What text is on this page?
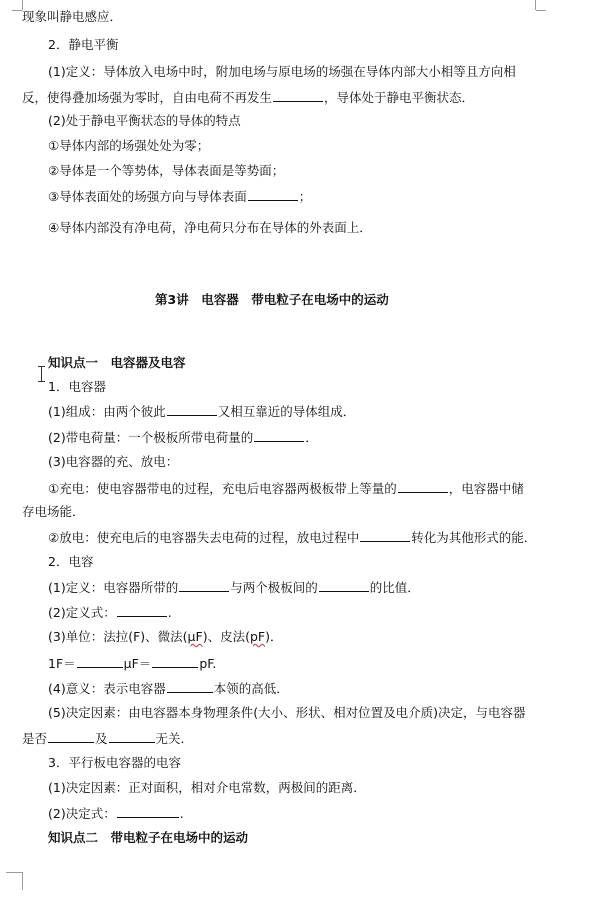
现象叫静电感应．
2．静电平衡
(1)定义：导体放入电场中时，附加电场与原电场的场强在导体内部大小相等且方向相
反，使得叠加场强为零时，自由电荷不再发生	，导体处于静电平衡状态．
(2)处于静电平衡状态的导体的特点
①导体内部的场强处处为零；
②导体是一个等势体，导体表面是等势面；
③导体表面处的场强方向与导体表面	；
④导体内部没有净电荷，净电荷只分布在导体的外表面上．
第3讲　电容器　带电粒子在电场中的运动
知识点一　电容器及电容
1．电容器
(1)组成：由两个彼此	又相互靠近的导体组成．
(2)带电荷量：一个极板所带电荷量的	．
(3)电容器的充、放电：
①充电：使电容器带电的过程，充电后电容器两极板带上等量的	，电容器中储
存电场能．
②放电：使充电后的电容器失去电荷的过程，放电过程中	转化为其他形式的能．
2．电容
(1)定义：电容器所带的	与两个极板间的	的比值．
(2)定义式：	.
(3)单位：法拉(F)、微法(μF)、皮法(pF)．
1F＝	μF＝	pF.
(4)意义：表示电容器	本领的高低．
(5)决定因素：由电容器本身物理条件(大小、形状、相对位置及电介质)决定，与电容器
是否	及	无关．
3．平行板电容器的电容
(1)决定因素：正对面积，相对介电常数，两极间的距离．
(2)决定式：	.
知识点二　带电粒子在电场中的运动
